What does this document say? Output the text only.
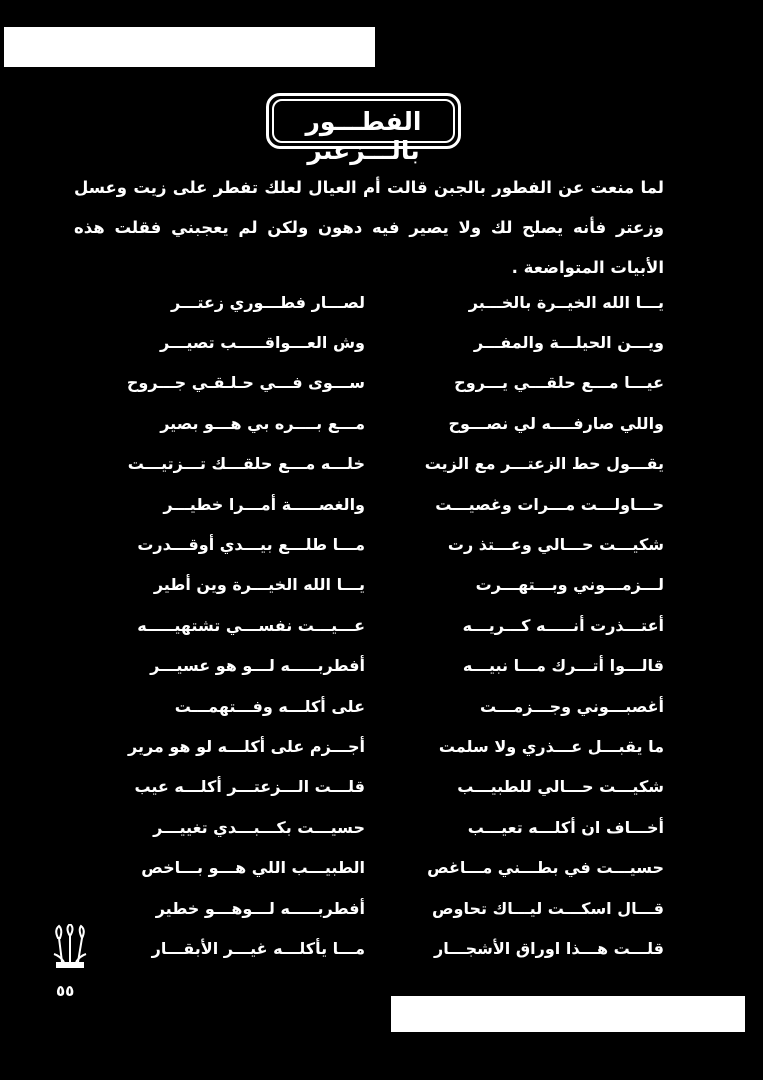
الفطـــور بالـــزعتر
لما منعت عن الفطور بالجبن قالت أم العيال لعلك تفطر على زيت وعسل وزعتر فأنه يصلح لك ولا يصير فيه دهون ولكن لم يعجبني فقلت هذه الأبيات المتواضعة .
يـــا الله الخيــرة بالخـــبر
لصـــار فطـــوري زعتـــر
ويـــن الحيلـــة والمفـــر
وش العـــواقـــــب تصيـــر
عيـــا مـــع حلقـــي يـــروح
ســـوى فـــي حـلـقـي جـــروح
واللي صارفــــه لي نصـــوح
مـــع بــــره بي هـــو بصير
يقـــول حط الزعتـــر مع الزيت
خلـــه مـــع حلقـــك تـــزتيـــت
حـــاولـــت مـــرات وغصيـــت
والغصـــــة أمـــرا خطيـــر
شكيـــت حـــالي وعـــتذ رت
مـــا طلـــع بيـــدي أوقـــدرت
لـــزمـــوني وبـــتهـــرت
يـــا الله الخيـــرة وين أطير
أعتـــذرت أنـــــه كـــريـــه
عـــيـــت نفســـي تشتهيـــــه
قالـــوا أتـــرك مـــا نبيـــه
أفطربـــــه لـــو هو عسيـــر
أغصبـــوني وجـــزمـــت
على أكلـــه وفـــتهمـــت
ما يقبـــل عـــذري ولا سلمت
أجـــزم على أكلـــه لو هو مرير
شكيـــت حـــالي للطبيـــب
قلـــت الـــزعتـــر أكلـــه عيب
أخـــاف ان أكلـــه تعيـــب
حسيـــت بكـــبـــدي تغييـــر
حسيـــت في بطـــني مـــاغص
الطبيـــب اللي هـــو بـــاخص
قـــال اسكـــت ليـــاك تحاوص
أفطربـــــه لـــوهـــو خطير
قلـــت هـــذا اوراق الأشجـــار
مـــا يأكلـــه غيـــر الأبقـــار
٥٥
